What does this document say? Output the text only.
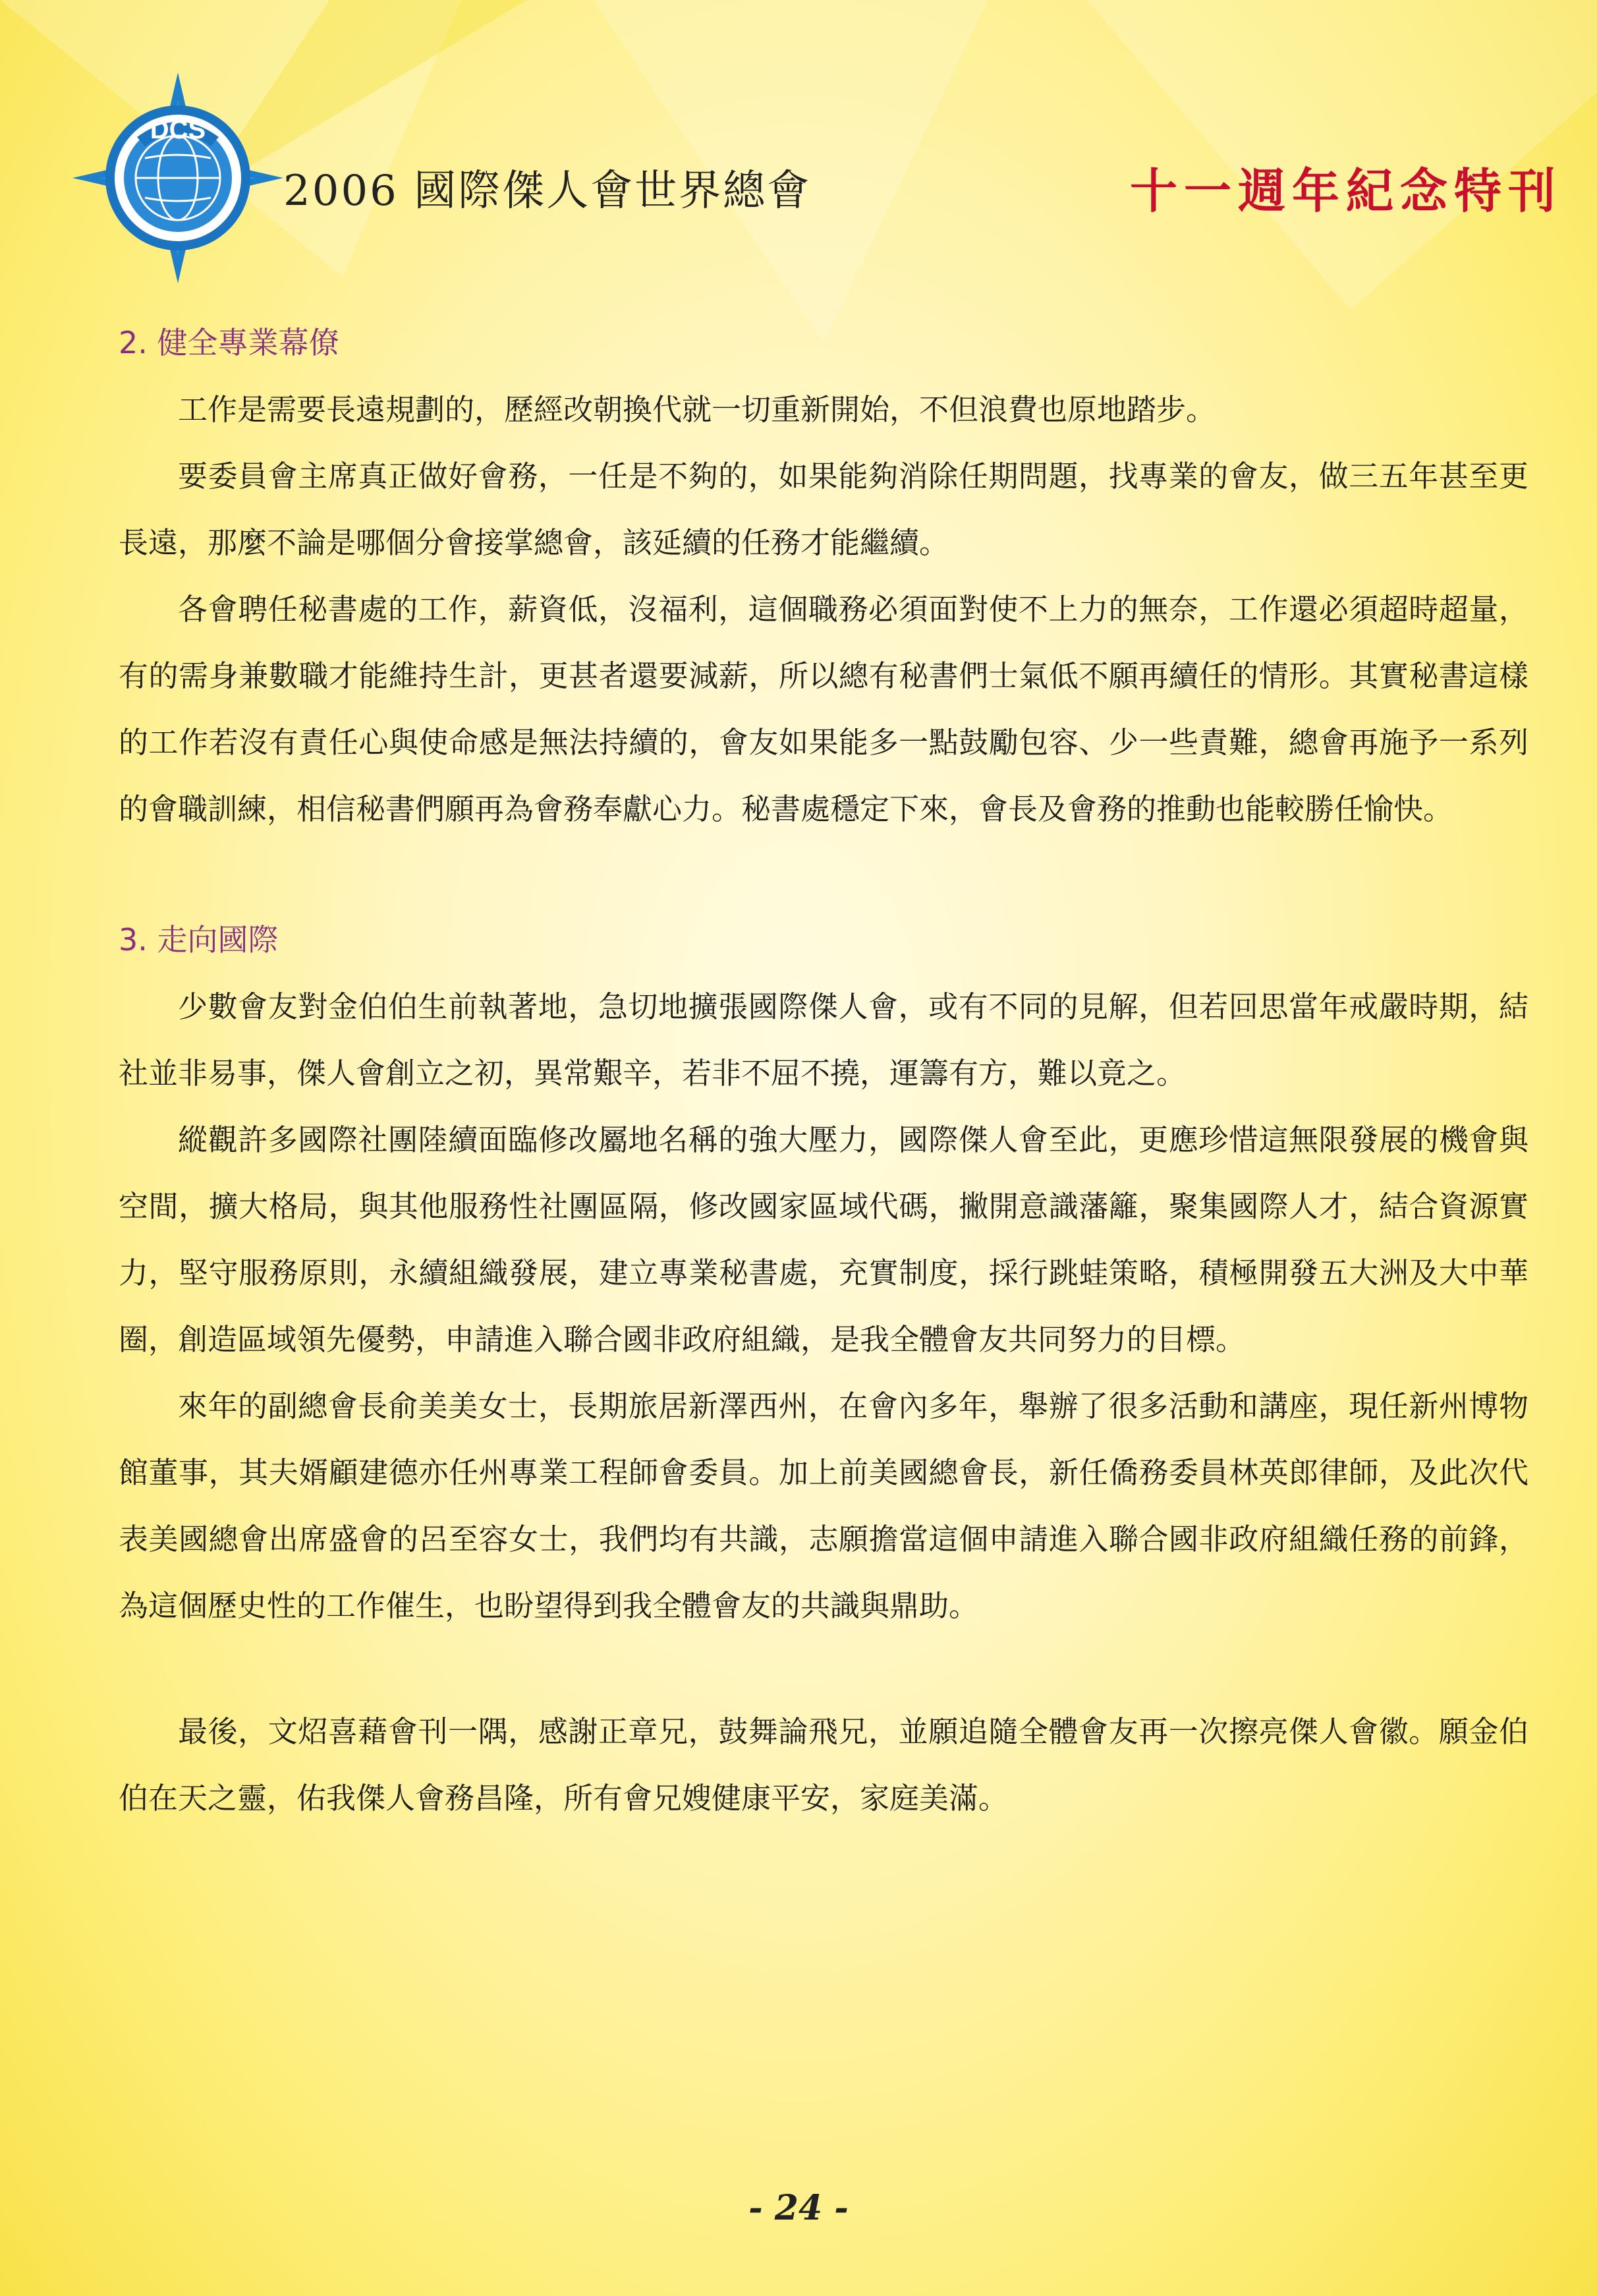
DCS
2006 國際傑人會世界總會	十一週年紀念特刊

2. 健全專業幕僚

工作是需要長遠規劃的，歷經改朝換代就一切重新開始，不但浪費也原地踏步。

要委員會主席真正做好會務，一任是不夠的，如果能夠消除任期問題，找專業的會友，做三五年甚至更長遠，那麼不論是哪個分會接掌總會，該延續的任務才能繼續。

各會聘任秘書處的工作，薪資低，沒福利，這個職務必須面對使不上力的無奈，工作還必須超時超量，有的需身兼數職才能維持生計，更甚者還要減薪，所以總有秘書們士氣低不願再續任的情形。其實秘書這樣的工作若沒有責任心與使命感是無法持續的，會友如果能多一點鼓勵包容、少一些責難，總會再施予一系列的會職訓練，相信秘書們願再為會務奉獻心力。秘書處穩定下來，會長及會務的推動也能較勝任愉快。

3. 走向國際

少數會友對金伯伯生前執著地，急切地擴張國際傑人會，或有不同的見解，但若回思當年戒嚴時期，結社並非易事，傑人會創立之初，異常艱辛，若非不屈不撓，運籌有方，難以竟之。

縱觀許多國際社團陸續面臨修改屬地名稱的強大壓力，國際傑人會至此，更應珍惜這無限發展的機會與空間，擴大格局，與其他服務性社團區隔，修改國家區域代碼，撇開意識藩籬，聚集國際人才，結合資源實力，堅守服務原則，永續組織發展，建立專業秘書處，充實制度，採行跳蛙策略，積極開發五大洲及大中華圈，創造區域領先優勢，申請進入聯合國非政府組織，是我全體會友共同努力的目標。

來年的副總會長俞美美女士，長期旅居新澤西州，在會內多年，舉辦了很多活動和講座，現任新州博物館董事，其夫婿顧建德亦任州專業工程師會委員。加上前美國總會長，新任僑務委員林英郎律師，及此次代表美國總會出席盛會的呂至容女士，我們均有共識，志願擔當這個申請進入聯合國非政府組織任務的前鋒，為這個歷史性的工作催生，也盼望得到我全體會友的共識與鼎助。

最後，文炤喜藉會刊一隅，感謝正章兄，鼓舞論飛兄，並願追隨全體會友再一次擦亮傑人會徽。願金伯伯在天之靈，佑我傑人會務昌隆，所有會兄嫂健康平安，家庭美滿。

- 24 -
